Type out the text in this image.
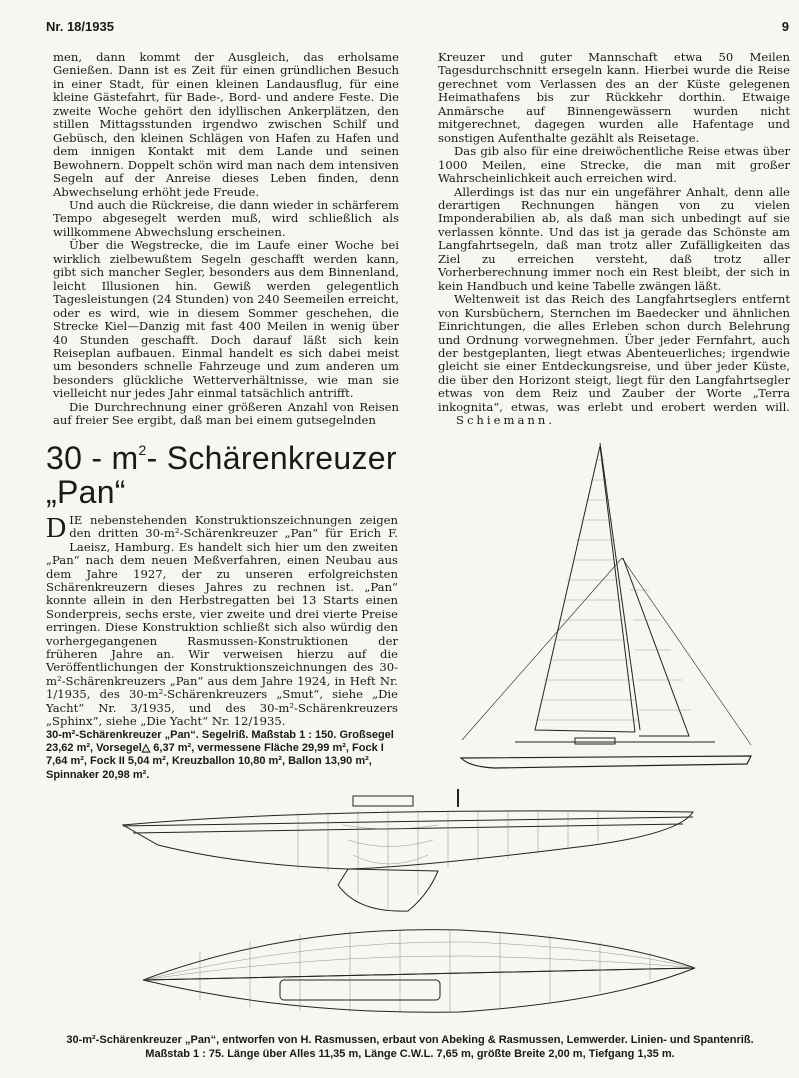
Nr. 18/1935	9

men, dann kommt der Ausgleich, das erholsame Genießen. Dann ist es Zeit für einen gründlichen Besuch in einer Stadt, für einen kleinen Landausflug, für eine kleine Gästefahrt, für Bade-, Bord- und andere Feste. Die zweite Woche gehört den idyllischen Ankerplätzen, den stillen Mittagsstunden irgendwo zwischen Schilf und Gebüsch, den kleinen Schlägen von Hafen zu Hafen und dem innigen Kontakt mit dem Lande und seinen Bewohnern. Doppelt schön wird man nach dem intensiven Segeln auf der Anreise dieses Leben finden, denn Abwechselung erhöht jede Freude.

Und auch die Rückreise, die dann wieder in schärferem Tempo abgesegelt werden muß, wird schließlich als willkommene Abwechslung erscheinen.

Über die Wegstrecke, die im Laufe einer Woche bei wirklich zielbewußtem Segeln geschafft werden kann, gibt sich mancher Segler, besonders aus dem Binnenland, leicht Illusionen hin. Gewiß werden gelegentlich Tagesleistungen (24 Stunden) von 240 Seemeilen erreicht, oder es wird, wie in diesem Sommer geschehen, die Strecke Kiel—Danzig mit fast 400 Meilen in wenig über 40 Stunden geschafft. Doch darauf läßt sich kein Reiseplan aufbauen. Einmal handelt es sich dabei meist um besonders schnelle Fahrzeuge und zum anderen um besonders glückliche Wetterverhältnisse, wie man sie vielleicht nur jedes Jahr einmal tatsächlich antrifft.

Die Durchrechnung einer größeren Anzahl von Reisen auf freier See ergibt, daß man bei einem gutsegelnden

Kreuzer und guter Mannschaft etwa 50 Meilen Tagesdurchschnitt ersegeln kann. Hierbei wurde die Reise gerechnet vom Verlassen des an der Küste gelegenen Heimathafens bis zur Rückkehr dorthin. Etwaige Anmärsche auf Binnengewässern wurden nicht mitgerechnet, dagegen wurden alle Hafentage und sonstigen Aufenthalte gezählt als Reisetage.

Das gib also für eine dreiwöchentliche Reise etwas über 1000 Meilen, eine Strecke, die man mit großer Wahrscheinlichkeit auch erreichen wird.

Allerdings ist das nur ein ungefährer Anhalt, denn alle derartigen Rechnungen hängen von zu vielen Imponderabilien ab, als daß man sich unbedingt auf sie verlassen könnte. Und das ist ja gerade das Schönste am Langfahrtsegeln, daß man trotz aller Zufälligkeiten das Ziel zu erreichen versteht, daß trotz aller Vorherberechnung immer noch ein Rest bleibt, der sich in kein Handbuch und keine Tabelle zwängen läßt.

Weltenweit ist das Reich des Langfahrtseglers entfernt von Kursbüchern, Sternchen im Baedecker und ähnlichen Einrichtungen, die alles Erleben schon durch Belehrung und Ordnung vorwegnehmen. Über jeder Fernfahrt, auch der bestgeplanten, liegt etwas Abenteuerliches; irgendwie gleicht sie einer Entdeckungsreise, und über jeder Küste, die über den Horizont steigt, liegt für den Langfahrtsegler etwas von dem Reiz und Zauber der Worte „Terra inkognita“, etwas, was erlebt und erobert werden will. Schiemann.

$30 - m^2-$ Schärenkreuzer
„Pan“
DIE nebenstehenden Konstruktionszeichnungen zeigen den dritten 30-m²-Schärenkreuzer „Pan“ für Erich F. Laeisz, Hamburg. Es handelt sich hier um den zweiten „Pan“ nach dem neuen Meßverfahren, einen Neubau aus dem Jahre 1927, der zu unseren erfolgreichsten Schärenkreuzern dieses Jahres zu rechnen ist. „Pan“ konnte allein in den Herbstregatten bei 13 Starts einen Sonderpreis, sechs erste, vier zweite und drei vierte Preise erringen. Diese Konstruktion schließt sich also würdig den vorhergegangenen Rasmussen-Konstruktionen der früheren Jahre an. Wir verweisen hierzu auf die Veröffentlichungen der Konstruktionszeichnungen des 30-m²-Schärenkreuzers „Pan“ aus dem Jahre 1924, in Heft Nr. 1/1935, des 30-m²-Schärenkreuzers „Smut“, siehe „Die Yacht“ Nr. 3/1935, und des 30-m²-Schärenkreuzers „Sphinx“, siehe „Die Yacht“ Nr. 12/1935.
30-m²-Schärenkreuzer „Pan“. Segelriß. Maßstab 1 : 150. Großsegel 23,62 m², Vorsegel△ 6,37 m², vermessene Fläche 29,99 m², Fock I 7,64 m², Fock II 5,04 m², Kreuzballon 10,80 m², Ballon 13,90 m², Spinnaker 20,98 m².
30-m²-Schärenkreuzer „Pan“, entworfen von H. Rasmussen, erbaut von Abeking & Rasmussen, Lemwerder. Linien- und Spantenriß. Maßstab 1 : 75. Länge über Alles 11,35 m, Länge C.W.L. 7,65 m, größte Breite 2,00 m, Tiefgang 1,35 m.
